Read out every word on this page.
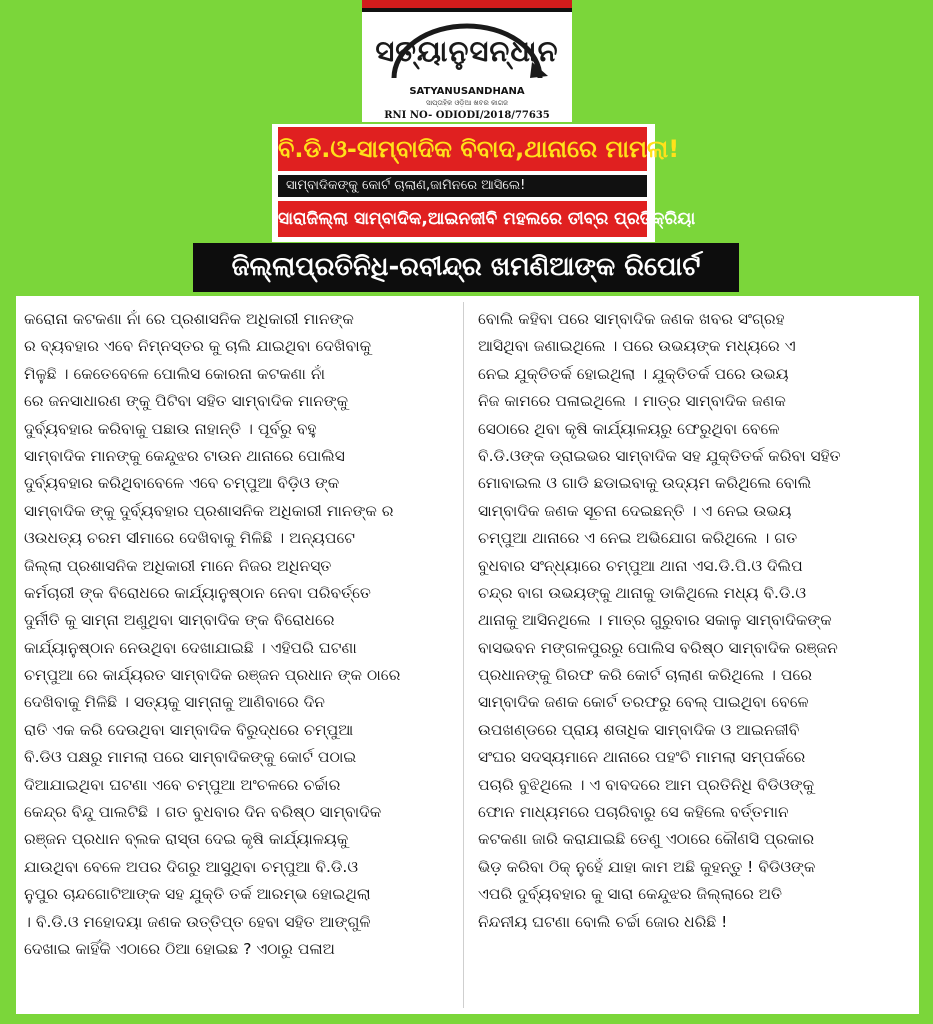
ସତ୍ୟାନୁସନ୍ଧାନ
SATYANUSANDHANA
ସାପ୍ତାହିକ ଓଡ଼ିଆ ଖବର କାଗଜ
RNI NO- ODIODI/2018/77635
ବି.ଡି.ଓ-ସାମ୍ବାଦିକ ବିବାଦ,ଥାନାରେ ମାମଲା!
ସାମ୍ବାଦିକଙ୍କୁ କୋର୍ଟ ଚାଲାଣ,ଜାମିନରେ ଆସିଲେ!
ସାରାଜିଲ୍ଲା ସାମ୍ବାଦିକ,ଆଇନଜୀବି ମହଲରେ ତୀବ୍ର ପ୍ରତିକ୍ରିୟା
ଜିଲ୍ଲାପ୍ରତିନିଧି-ରବୀନ୍ଦ୍ର ଖମଣିଆଙ୍କ ରିପୋର୍ଟ
କରୋନା କଟକଣା ନାଁ ରେ ପ୍ରଶାସନିକ ଅଧିକାରୀ ମାନଙ୍କ
ର ବ୍ୟବହାର ଏବେ ନିମ୍ନସ୍ତର କୁ ଚାଲି ଯାଇଥିବା ଦେଖିବାକୁ
ମିଳୁଛି । କେତେବେଳେ ପୋଲିସ କୋରନା କଟକଣା ନାଁ
ରେ ଜନସାଧାରଣ ଙ୍କୁ ପିଟିବା ସହିତ ସାମ୍ବାଦିକ ମାନଙ୍କୁ
ଦୁର୍ବ୍ୟବହାର କରିବାକୁ ପଛାଉ ନାହାନ୍ତି । ପୂର୍ବରୁ ବହୁ
ସାମ୍ବାଦିକ ମାନଙ୍କୁ କେନ୍ଦୁଝର ଟାଉନ ଥାନାରେ ପୋଲିସ
ଦୁର୍ବ୍ୟବହାର କରିଥିବାବେଳେ ଏବେ ଚମ୍ପୁଆ ବିଡ଼ିଓ ଙ୍କ
ସାମ୍ବାଦିକ ଙ୍କୁ ଦୁର୍ବ୍ୟବହାର ପ୍ରଶାସନିକ ଅଧିକାରୀ ମାନଙ୍କ ର
ଓଉଧତ୍ୟ ଚରମ ସୀମାରେ ଦେଖିବାକୁ ମିଳିଛି । ଅନ୍ୟପଟେ
ଜିଲ୍ଲା ପ୍ରଶାସନିକ ଅଧିକାରୀ ମାନେ ନିଜର ଅଧିନସ୍ତ
କର୍ମଚାରୀ ଙ୍କ ବିରୋଧରେ କାର୍ଯ୍ୟାନୁଷ୍ଠାନ ନେବା ପରିବର୍ତ୍ତେ
ଦୁର୍ନୀତି କୁ ସାମ୍ନା ଅଣୁଥିବା ସାମ୍ବାଦିକ ଙ୍କ ବିରୋଧରେ
କାର୍ଯ୍ୟାନୁଷ୍ଠାନ ନେଉଥିବା ଦେଖାଯାଇଛି । ଏହିପରି ଘଟଣା
ଚମ୍ପୁଆ ରେ କାର୍ଯ୍ୟରତ ସାମ୍ବାଦିକ ରଞ୍ଜନ ପ୍ରଧାନ ଙ୍କ ଠାରେ
ଦେଖିବାକୁ ମିଳିଛି । ସତ୍ୟକୁ ସାମ୍ନାକୁ ଆଣିବାରେ ଦିନ
ରାତି ଏକ କରି ଦେଉଥିବା ସାମ୍ବାଦିକ ବିରୁଦ୍ଧରେ ଚମ୍ପୁଆ
ବି.ଡିଓ ପକ୍ଷରୁ ମାମଲା ପରେ ସାମ୍ବାଦିକଙ୍କୁ କୋର୍ଟ ପଠାଇ
ଦିଆଯାଇଥିବା ଘଟଣା ଏବେ ଚମ୍ପୁଆ ଅଂଚଳରେ ଚର୍ଚ୍ଚାର
କେନ୍ଦ୍ର ବିନ୍ଦୁ ପାଲଟିଛି । ଗତ ବୁଧବାର ଦିନ ବରିଷ୍ଠ ସାମ୍ବାଦିକ
ରଞ୍ଜନ ପ୍ରଧାନ ବ୍ଲକ ରାସ୍ତା ଦେଇ କୃଷି କାର୍ଯ୍ୟାଳୟକୁ
ଯାଉଥିବା ବେଳେ ଅପର ଦିଗରୁ ଆସୁଥିବା ଚମ୍ପୁଆ ବି.ଡି.ଓ
ନୁପୁର ଚାନ୍ଦଗୋଟିଆଙ୍କ ସହ ଯୁକ୍ତି ତର୍କ ଆରମ୍ଭ ହୋଇଥିଲା
। ବି.ଡି.ଓ ମହୋଦୟା ଜଣକ ଉତ୍ତିପ୍ତ ହେବା ସହିତ ଆଙ୍ଗୁଳି
ଦେଖାଇ କାହିଁକି ଏଠାରେ ଠିଆ ହୋଇଛ ? ଏଠାରୁ ପଳାଅ
ବୋଲି କହିବା ପରେ ସାମ୍ବାଦିକ ଜଣକ ଖବର ସଂଗ୍ରହ
ଆସିଥିବା ଜଣାଇଥିଲେ । ପରେ ଉଭୟଙ୍କ ମଧ୍ୟରେ ଏ
ନେଇ ଯୁକ୍ତିତର୍କ ହୋଇଥିଲା । ଯୁକ୍ତିତର୍କ ପରେ ଉଭୟ
ନିଜ କାମରେ ପଳାଇଥିଲେ । ମାତ୍ର ସାମ୍ବାଦିକ ଜଣକ
ସେଠାରେ ଥିବା କୃଷି କାର୍ଯ୍ୟାଳୟରୁ ଫେରୁଥିବା ବେଳେ
ବି.ଡି.ଓଙ୍କ ଡ୍ରାଇଭର ସାମ୍ବାଦିକ ସହ ଯୁକ୍ତିତର୍କ କରିବା ସହିତ
ମୋବାଇଲ ଓ ଗାଡି ଛଡାଇବାକୁ ଉଦ୍ୟମ କରିଥିଲେ ବୋଲି
ସାମ୍ବାଦିକ ଜଣକ ସୂଚନା ଦେଇଛନ୍ତି । ଏ ନେଇ ଉଭୟ
ଚମ୍ପୁଆ ଥାନାରେ ଏ ନେଇ ଅଭିଯୋଗ କରିଥିଲେ । ଗତ
ବୁଧବାର ସଂନ୍ଧ୍ୟାରେ ଚମ୍ପୁଆ ଥାନା ଏସ.ଡି.ପି.ଓ ଦିଲିପ
ଚନ୍ଦ୍ର ବାଗ ଉଭୟଙ୍କୁ ଥାନାକୁ ଡାକିଥିଲେ ମଧ୍ୟ ବି.ଡି.ଓ
ଥାନାକୁ ଆସିନଥିଲେ । ମାତ୍ର ଗୁରୁବାର ସକାଳୁ ସାମ୍ବାଦିକଙ୍କ
ବାସଭବନ ମଙ୍ଗଳପୁରରୁ ପୋଲିସ ବରିଷ୍ଠ ସାମ୍ବାଦିକ ରଞ୍ଜନ
ପ୍ରଧାନଙ୍କୁ ଗିରଫ କରି କୋର୍ଟ ଚାଲାଣ କରିଥିଲେ । ପରେ
ସାମ୍ବାଦିକ ଜଣକ କୋର୍ଟ ତରଫରୁ ବେଲ୍ ପାଇଥିବା ବେଳେ
ଉପଖଣ୍ଡରେ ପ୍ରାୟ ଶତାଧିକ ସାମ୍ବାଦିକ ଓ ଆଇନଜୀବି
ସଂଘର ସଦସ୍ୟମାନେ ଥାନାରେ ପହଂଚି ମାମଲା ସମ୍ପର୍କରେ
ପଚାରି ବୁଝିଥିଲେ । ଏ ବାବଦରେ ଆମ ପ୍ରତିନିଧି ବିଡିଓଙ୍କୁ
ଫୋନ ମାଧ୍ୟମରେ ପଚାରିବାରୁ ସେ କହିଲେ ବର୍ତ୍ତମାନ
କଟକଣା ଜାରି କରାଯାଇଛି ତେଣୁ ଏଠାରେ କୌଣସି ପ୍ରକାର
ଭିଡ଼ କରିବା ଠିକ୍ ନୁହେଁ ଯାହା କାମ ଅଛି କୁହନ୍ତୁ ! ବିଡିଓଙ୍କ
ଏପରି ଦୁର୍ବ୍ୟବହାର କୁ ସାରା କେନ୍ଦୁଝର ଜିଲ୍ଲାରେ ଅତି
ନିନ୍ଦନୀୟ ଘଟଣା ବୋଲି ଚର୍ଚ୍ଚା ଜୋର ଧରିଛି !
